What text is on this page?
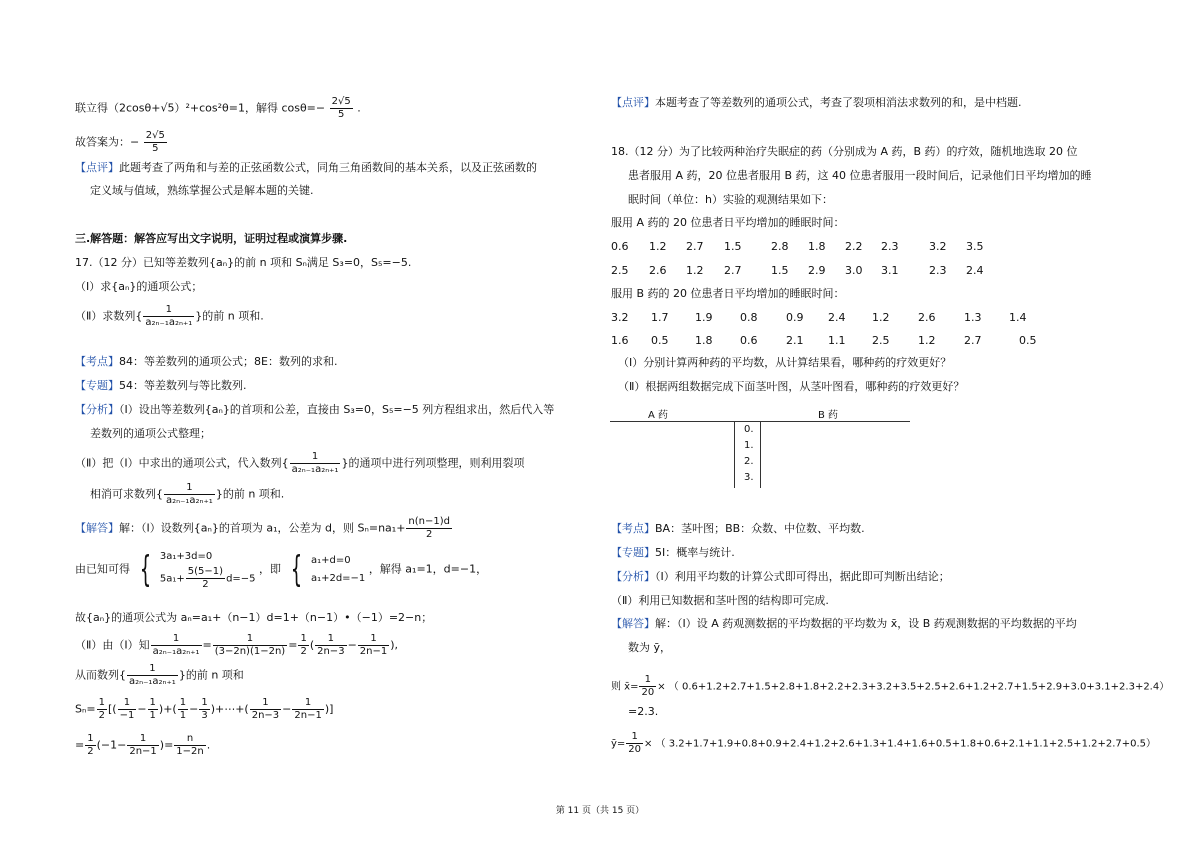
联立得（2cosθ+√5）²+cos²θ=1，解得 $\cos\theta=- \frac{2√5}{5}$ .
故答案为：− $\frac{2√5}{5}$
【点评】此题考查了两角和与差的正弦函数公式，同角三角函数间的基本关系，以及正弦函数的
定义域与值域，熟练掌握公式是解本题的关键.
三.解答题：解答应写出文字说明，证明过程或演算步骤.
17.（12 分）已知等差数列{aₙ}的前 n 项和 Sₙ满足 S₃=0，S₅=−5.
（Ⅰ）求{aₙ}的通项公式；
（Ⅱ）求数列{ $\frac{1}{\text{a₂ₙ₋₁a₂ₙ₊₁}}$ }的前 n 项和.
【考点】84：等差数列的通项公式；8E：数列的求和.
【专题】54：等差数列与等比数列.
【分析】（Ⅰ）设出等差数列{aₙ}的首项和公差，直接由 S₃=0，S₅=−5 列方程组求出，然后代入等
差数列的通项公式整理；
（Ⅱ）把（Ⅰ）中求出的通项公式，代入数列{ $\frac{1}{\text{a₂ₙ₋₁a₂ₙ₊₁}}$ }的通项中进行列项整理，则利用裂项
相消可求数列{ $\frac{1}{\text{a₂ₙ₋₁a₂ₙ₊₁}}$ }的前 n 项和.
【解答】解：（Ⅰ）设数列{aₙ}的首项为 a₁，公差为 d，则 $S_n=na_1+ \frac{n(n-1)d}{2}$
由已知可得 { 3a₁+3d=0
$5a_1+ \frac{5(5-1)}{2} d=-5$
，即 { a₁+d=0
a₁+2d=−1
，解得 a₁=1，d=−1，
故{aₙ}的通项公式为 aₙ=a₁+（n−1）d=1+（n−1）•（−1）=2−n；
（Ⅱ）由（Ⅰ）知 $\frac{1}{\text{a₂ₙ₋₁a₂ₙ₊₁}} = \frac{1}{(3-2n)(1-2n)} = \frac{1}{2}$ ( $\frac{1}{2n-3} - \frac{1}{2n-1}$ ),
从而数列{ $\frac{1}{\text{a₂ₙ₋₁a₂ₙ₊₁}}$ }的前 n 项和
$S_n= \frac{1}{2}$ [( $\frac{1}{-1} - \frac{1}{1}$ )+( $\frac{1}{1} - \frac{1}{3}$ )+⋯+( $\frac{1}{2n-3} - \frac{1}{2n-1}$ )]
= $\frac{1}{2} (-1- \frac{1}{2n-1}$ )= $\frac{n}{1-2n}$ .
【点评】本题考查了等差数列的通项公式，考查了裂项相消法求数列的和，是中档题.
18.（12 分）为了比较两种治疗失眠症的药（分别成为 A 药，B 药）的疗效，随机地选取 20 位
患者服用 A 药，20 位患者服用 B 药，这 40 位患者服用一段时间后，记录他们日平均增加的睡
眠时间（单位：h）实验的观测结果如下：
服用 A 药的 20 位患者日平均增加的睡眠时间：
0.6 1.2 2.7 1.5	2.8 1.8 2.2 2.3	3.2 3.5
2.5 2.6 1.2 2.7	1.5 2.9 3.0 3.1	2.3 2.4
服用 B 药的 20 位患者日平均增加的睡眠时间：
3.2 1.7 1.9	0.8	0.9 2.4 1.2	2.6	1.3	1.4
1.6 0.5 1.8	0.6	2.1 1.1 2.5	1.2	2.7	0.5
（Ⅰ）分别计算两种药的平均数，从计算结果看，哪种药的疗效更好？
（Ⅱ）根据两组数据完成下面茎叶图，从茎叶图看，哪种药的疗效更好？
A 药	B 药
0.
1.
2.
3.
【考点】BA：茎叶图；BB：众数、中位数、平均数.
【专题】5I：概率与统计.
【分析】（Ⅰ）利用平均数的计算公式即可得出，据此即可判断出结论；
（Ⅱ）利用已知数据和茎叶图的结构即可完成.
【解答】解：（Ⅰ）设 A 药观测数据的平均数据的平均数为 x̄，设 B 药观测数据的平均数据的平均
数为 ȳ，
则 x̄= $\frac{1}{20}$ × （ 0.6+1.2+2.7+1.5+2.8+1.8+2.2+2.3+3.2+3.5+2.5+2.6+1.2+2.7+1.5+2.9+3.0+3.1+2.3+2.4）
=2.3.
ȳ= $\frac{1}{20}$ × （ 3.2+1.7+1.9+0.8+0.9+2.4+1.2+2.6+1.3+1.4+1.6+0.5+1.8+0.6+2.1+1.1+2.5+1.2+2.7+0.5）
第 11 页（共 15 页）
